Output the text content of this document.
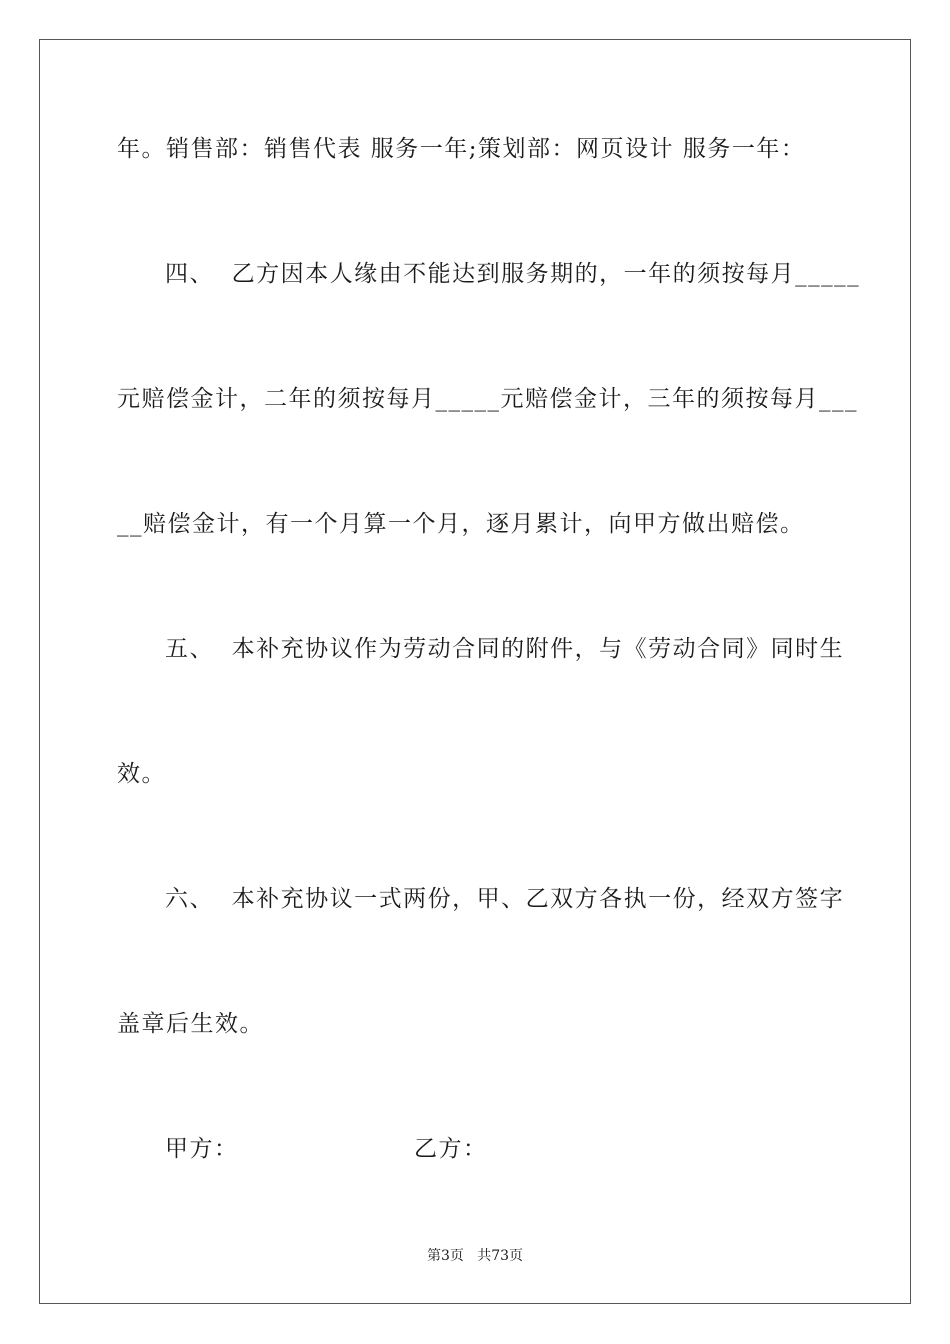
年。销售部：销售代表 服务一年;策划部：网页设计 服务一年：
四、  乙方因本人缘由不能达到服务期的，一年的须按每月_____
元赔偿金计，二年的须按每月_____元赔偿金计，三年的须按每月___
__赔偿金计，有一个月算一个月，逐月累计，向甲方做出赔偿。
五、  本补充协议作为劳动合同的附件，与《劳动合同》同时生
效。
六、  本补充协议一式两份，甲、乙双方各执一份，经双方签字
盖章后生效。
甲方：	乙方：
第3页   共73页
